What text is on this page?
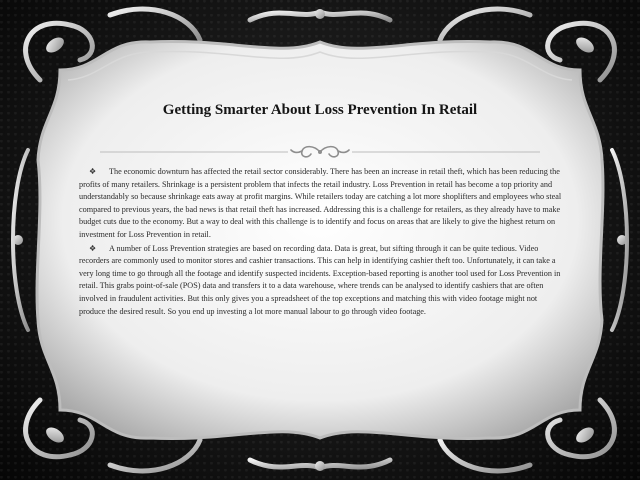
Getting Smarter About Loss Prevention In Retail

❖ The economic downturn has affected the retail sector considerably. There has been an increase in retail theft, which has been reducing the profits of many retailers. Shrinkage is a persistent problem that infects the retail industry. Loss Prevention in retail has become a top priority and understandably so because shrinkage eats away at profit margins. While retailers today are catching a lot more shoplifters and employees who steal compared to previous years, the bad news is that retail theft has increased. Addressing this is a challenge for retailers, as they already have to make budget cuts due to the economy. But a way to deal with this challenge is to identify and focus on areas that are likely to give the highest return on investment for Loss Prevention in retail.

❖ A number of Loss Prevention strategies are based on recording data. Data is great, but sifting through it can be quite tedious. Video recorders are commonly used to monitor stores and cashier transactions. This can help in identifying cashier theft too. Unfortunately, it can take a very long time to go through all the footage and identify suspected incidents. Exception-based reporting is another tool used for Loss Prevention in retail. This grabs point-of-sale (POS) data and transfers it to a data warehouse, where trends can be analysed to identify cashiers that are often involved in fraudulent activities. But this only gives you a spreadsheet of the top exceptions and matching this with video footage might not produce the desired result. So you end up investing a lot more manual labour to go through video footage.
